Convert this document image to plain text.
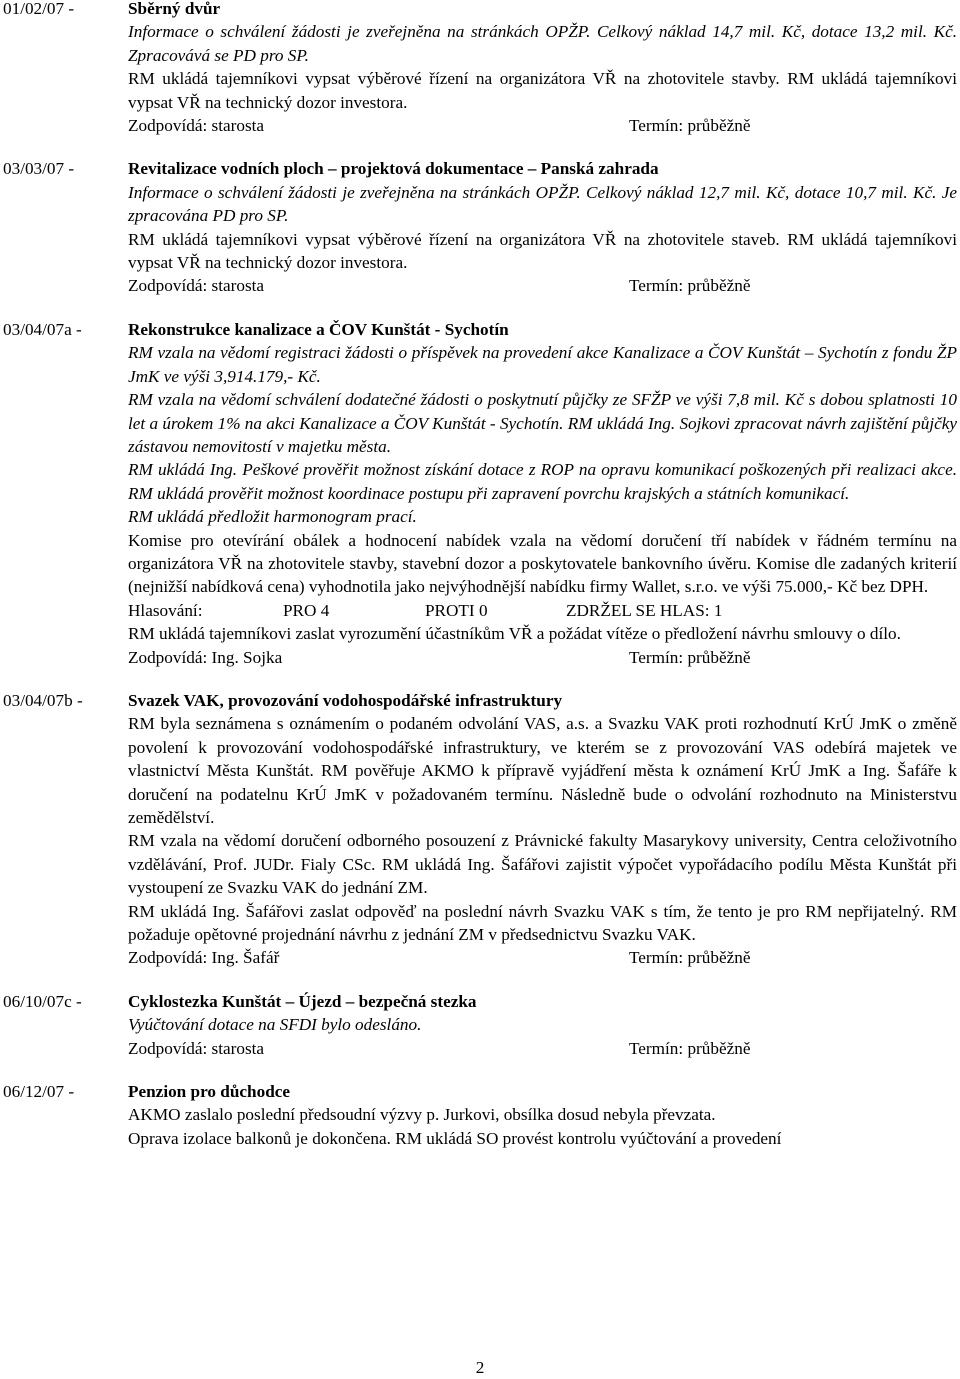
01/02/07 -	Sběrný dvůr
Informace o schválení žádosti je zveřejněna na stránkách OPŽP. Celkový náklad 14,7 mil. Kč, dotace 13,2 mil. Kč. Zpracovává se PD pro SP.
RM ukládá tajemníkovi vypsat výběrové řízení na organizátora VŘ na zhotovitele stavby. RM ukládá tajemníkovi vypsat VŘ na technický dozor investora.
Zodpovídá: starosta	Termín: průběžně
03/03/07 -	Revitalizace vodních ploch – projektová dokumentace – Panská zahrada
Informace o schválení žádosti je zveřejněna na stránkách OPŽP. Celkový náklad 12,7 mil. Kč, dotace 10,7 mil. Kč. Je zpracována PD pro SP.
RM ukládá tajemníkovi vypsat výběrové řízení na organizátora VŘ na zhotovitele staveb. RM ukládá tajemníkovi vypsat VŘ na technický dozor investora.
Zodpovídá: starosta	Termín: průběžně
03/04/07a -	Rekonstrukce kanalizace a ČOV Kunštát - Sychotín
RM vzala na vědomí registraci žádosti o příspěvek na provedení akce Kanalizace a ČOV Kunštát – Sychotín z fondu ŽP JmK ve výši 3,914.179,- Kč.
RM vzala na vědomí schválení dodatečné žádosti o poskytnutí půjčky ze SFŽP ve výši 7,8 mil. Kč s dobou splatnosti 10 let a úrokem 1% na akci Kanalizace a ČOV Kunštát - Sychotín. RM ukládá Ing. Sojkovi zpracovat návrh zajištění půjčky zástavou nemovitostí v majetku města.
RM ukládá Ing. Peškové prověřit možnost získání dotace z ROP na opravu komunikací poškozených při realizaci akce. RM ukládá prověřit možnost koordinace postupu při zapravení povrchu krajských a státních komunikací.
RM ukládá předložit harmonogram prací.
Komise pro otevírání obálek a hodnocení nabídek vzala na vědomí doručení tří nabídek v řádném termínu na organizátora VŘ na zhotovitele stavby, stavební dozor a poskytovatele bankovního úvěru. Komise dle zadaných kriterií (nejnižší nabídková cena) vyhodnotila jako nejvýhodnější nabídku firmy Wallet, s.r.o. ve výši 75.000,- Kč bez DPH.
Hlasování:	PRO 4	PROTI 0	ZDRŽEL SE HLAS: 1
RM ukládá tajemníkovi zaslat vyrozumění účastníkům VŘ a požádat vítěze o předložení návrhu smlouvy o dílo.
Zodpovídá: Ing. Sojka	Termín: průběžně
03/04/07b -	Svazek VAK, provozování vodohospodářské infrastruktury
RM byla seznámena s oznámením o podaném odvolání VAS, a.s. a Svazku VAK proti rozhodnutí KrÚ JmK o změně povolení k provozování vodohospodářské infrastruktury, ve kterém se z provozování VAS odebírá majetek ve vlastnictví Města Kunštát. RM pověřuje AKMO k přípravě vyjádření města k oznámení KrÚ JmK a Ing. Šafáře k doručení na podatelnu KrÚ JmK v požadovaném termínu. Následně bude o odvolání rozhodnuto na Ministerstvu zemědělství.
RM vzala na vědomí doručení odborného posouzení z Právnické fakulty Masarykovy university, Centra celoživotního vzdělávání, Prof. JUDr. Fialy CSc. RM ukládá Ing. Šafářovi zajistit výpočet vypořádacího podílu Města Kunštát při vystoupení ze Svazku VAK do jednání ZM.
RM ukládá Ing. Šafářovi zaslat odpověď na poslední návrh Svazku VAK s tím, že tento je pro RM nepřijatelný. RM požaduje opětovné projednání návrhu z jednání ZM v předsednictvu Svazku VAK.
Zodpovídá: Ing. Šafář	Termín: průběžně
06/10/07c -	Cyklostezka Kunštát – Újezd – bezpečná stezka
Vyúčtování dotace na SFDI bylo odesláno.
Zodpovídá: starosta	Termín: průběžně
06/12/07 -	Penzion pro důchodce
AKMO zaslalo poslední předsoudní výzvy p. Jurkovi, obsílka dosud nebyla převzata.
Oprava izolace balkonů je dokončena. RM ukládá SO provést kontrolu vyúčtování a provedení
2
